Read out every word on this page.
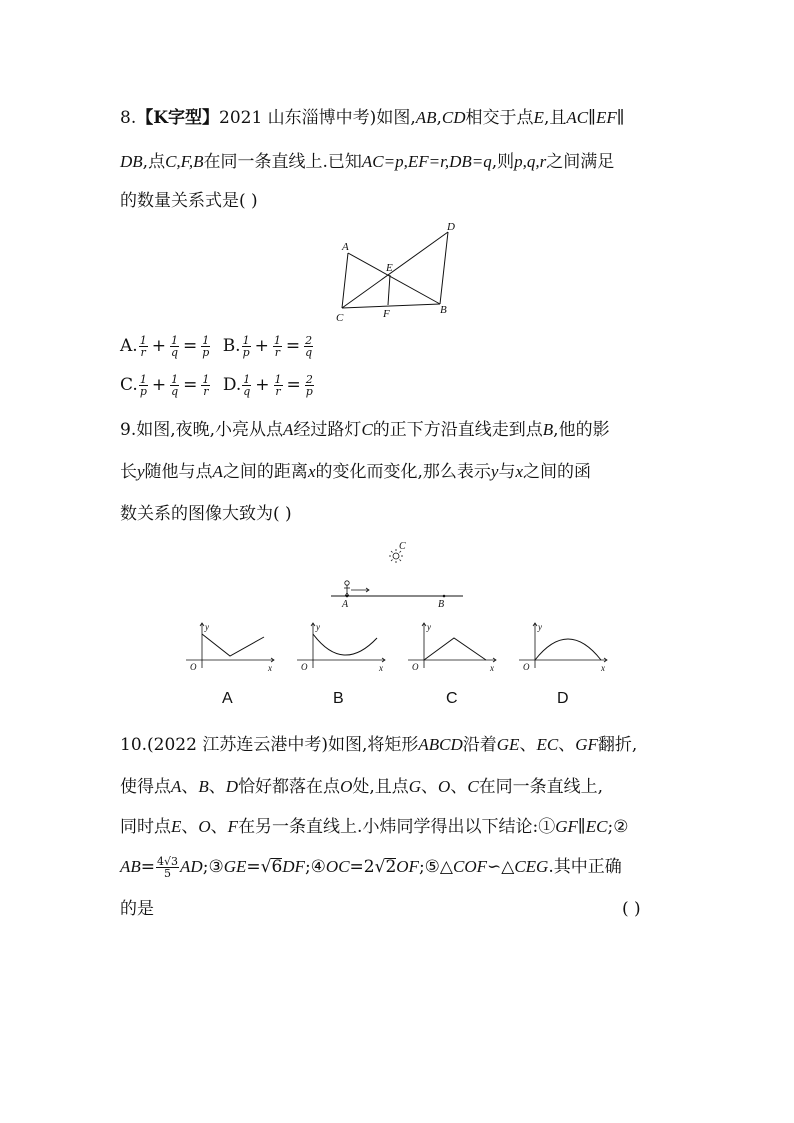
8.【K字型】2021 山东淄博中考)如图,AB,CD相交于点E,且AC∥EF∥
DB,点C,F,B在同一条直线上.已知AC=p,EF=r,DB=q,则p,q,r之间满足
的数量关系式是( )
A
E
D
C	F	B
A. $\frac{1}{r} + \frac{1}{q} = \frac{1}{p} B$. $\frac{1}{p} + \frac{1}{r} = \frac{2}{q}$
C. $\frac{1}{p} + \frac{1}{q} = \frac{1}{r} D$. $\frac{1}{q} + \frac{1}{r} = \frac{2}{p}$
9.如图,夜晚,小亮从点A经过路灯C的正下方沿直线走到点B,他的影
长y随他与点A之间的距离x的变化而变化,那么表示y与x之间的函
数关系的图像大致为( )
C
A	B
y
x
O
y
x
O
y
x
O
y
x
O
A	B	C	D
10.(2022 江苏连云港中考)如图,将矩形ABCD沿着GE、EC、GF翻折,
使得点A、B、D恰好都落在点O处,且点G、O、C在同一条直线上,
同时点E、O、F在另一条直线上.小炜同学得出以下结论:①GF∥EC;②
$AB= \frac{4√3}{5}$ AD;③GE=√6DF;④OC=2√2OF;⑤△COF∽△CEG.其中正确
的是	( )
